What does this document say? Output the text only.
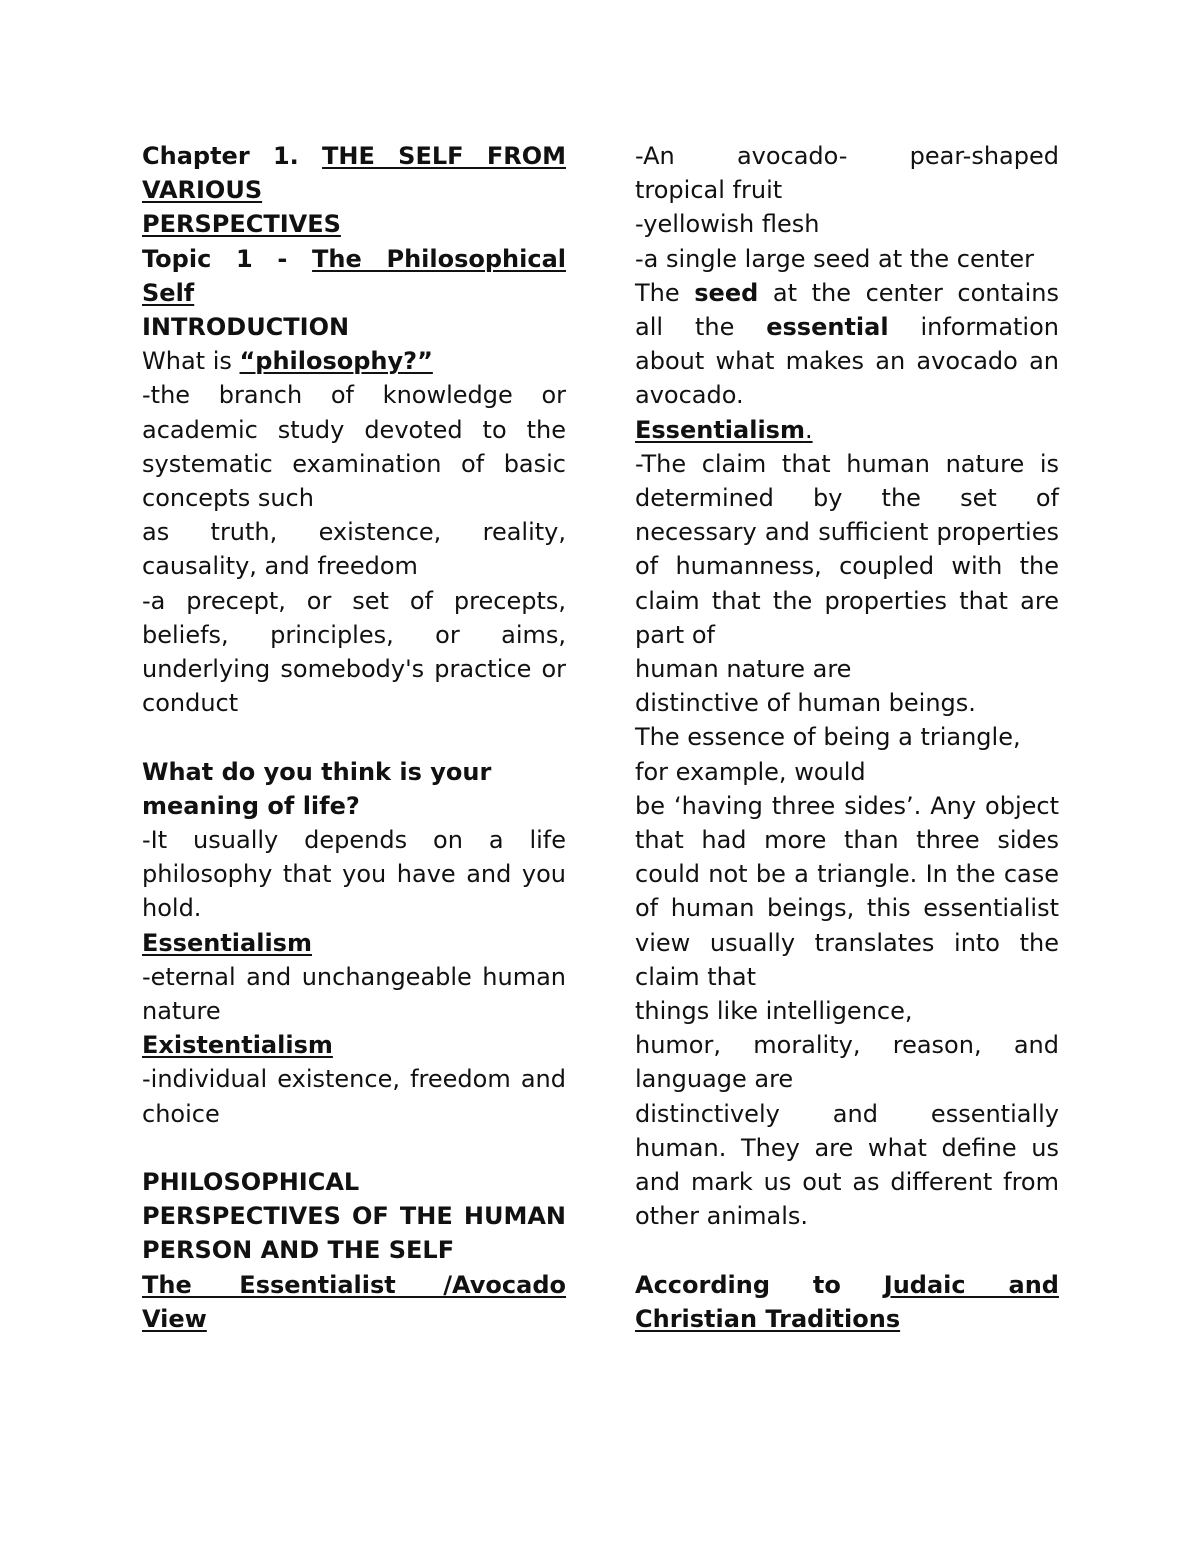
Chapter 1. THE SELF FROM

VARIOUS

PERSPECTIVES

Topic 1 - The Philosophical

Self

INTRODUCTION

What is “philosophy?”

-the branch of knowledge or academic study devoted to the systematic examination of basic concepts such

as truth, existence, reality, causality, and freedom

-a precept, or set of precepts, beliefs, principles, or aims, underlying somebody's practice or conduct

What do you think is your

meaning of life?

-It usually depends on a life philosophy that you have and you hold.

Essentialism

-eternal and unchangeable human nature

Existentialism

-individual existence, freedom and choice

PHILOSOPHICAL

PERSPECTIVES OF THE HUMAN PERSON AND THE SELF

The Essentialist /Avocado

View

-An avocado- pear-shaped

tropical fruit

-yellowish flesh

-a single large seed at the center

The seed at the center contains all the essential information about what makes an avocado an avocado.

Essentialism.

-The claim that human nature is determined by the set of necessary and sufficient properties of humanness, coupled with the claim that the properties that are part of

human nature are

distinctive of human beings.

The essence of being a triangle,

for example, would

be ‘having three sides’. Any object that had more than three sides could not be a triangle. In the case of human beings, this essentialist view usually translates into the claim that

things like intelligence,

humor, morality, reason, and

language are

distinctively and essentially human. They are what define us and mark us out as different from other animals.

According to Judaic and

Christian Traditions
